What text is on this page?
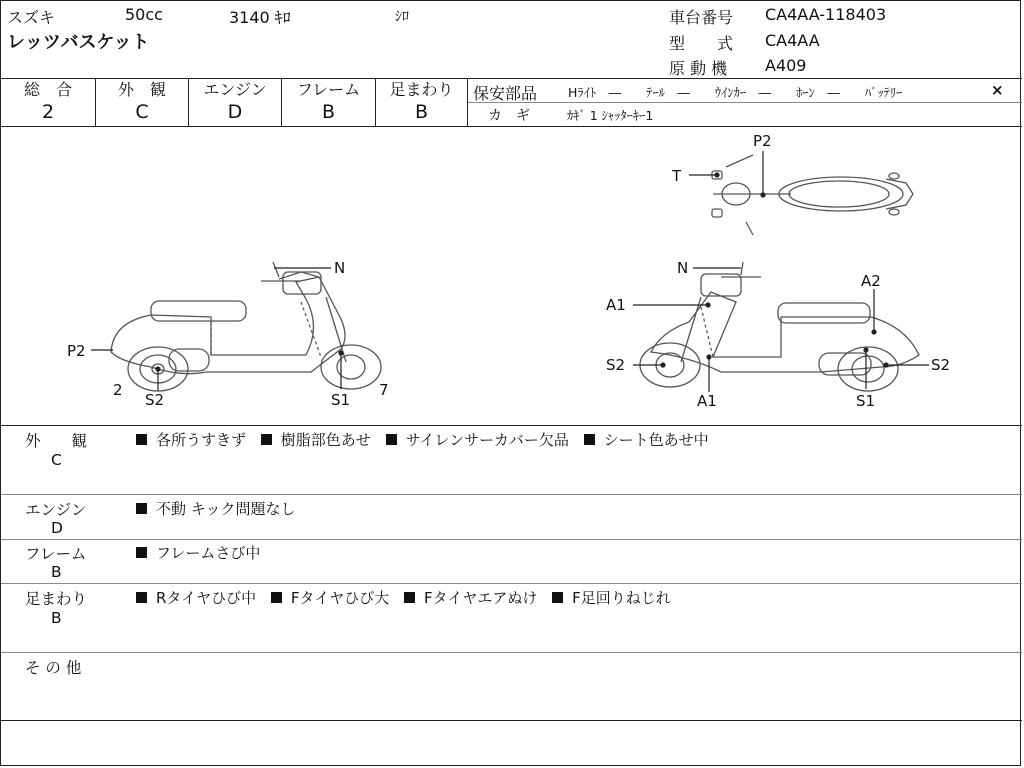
スズキ	50cc	3140 ｷﾛ	ｼﾛ
レッツバスケット
車台番号 CA4AA-118403
型　　式 CA4AA
原 動 機 A409
総　合
2
外　観
C
エンジン
D
フレーム
B
足まわり
B
保安部品 Hﾗｲﾄ　―　　ﾃｰﾙ　―　　ｳｲﾝｶｰ　―　　ﾎｰﾝ　―　　ﾊﾞｯﾃﾘｰ	×
カ　ギ	ｶｷﾞ 1 ｼｬｯﾀｰｷｰ1
P2
N
2
S2	S1
7
P2
T
N
A2
A1
S2
A1
S2
S1
外　　観
C
各所うすきず 樹脂部色あせ サイレンサーカバー欠品 シート色あせ中
エンジン
D
不動 キック問題なし
フレーム
B
フレームさび中
足まわり
B
Rタイヤひび中 Fタイヤひび大 Fタイヤエアぬけ F足回りねじれ
そ の 他
